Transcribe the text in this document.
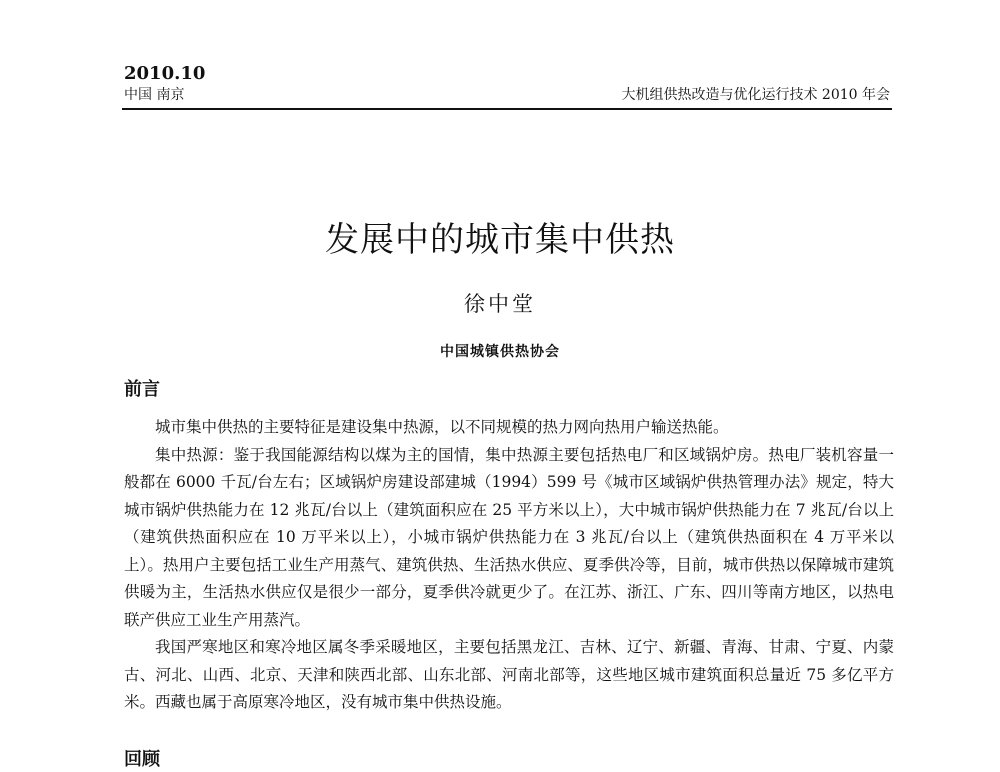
2010.10
中国 南京	大机组供热改造与优化运行技术 2010 年会
发展中的城市集中供热
徐中堂
中国城镇供热协会
前言

城市集中供热的主要特征是建设集中热源，以不同规模的热力网向热用户输送热能。

集中热源：鉴于我国能源结构以煤为主的国情，集中热源主要包括热电厂和区域锅炉房。热电厂装机容量一般都在 6000 千瓦/台左右；区域锅炉房建设部建城（1994）599 号《城市区域锅炉供热管理办法》规定，特大城市锅炉供热能力在 12 兆瓦/台以上（建筑面积应在 25 平方米以上），大中城市锅炉供热能力在 7 兆瓦/台以上（建筑供热面积应在 10 万平米以上），小城市锅炉供热能力在 3 兆瓦/台以上（建筑供热面积在 4 万平米以上）。热用户主要包括工业生产用蒸气、建筑供热、生活热水供应、夏季供冷等，目前，城市供热以保障城市建筑供暖为主，生活热水供应仅是很少一部分，夏季供冷就更少了。在江苏、浙江、广东、四川等南方地区，以热电联产供应工业生产用蒸汽。

我国严寒地区和寒冷地区属冬季采暖地区，主要包括黑龙江、吉林、辽宁、新疆、青海、甘肃、宁夏、内蒙古、河北、山西、北京、天津和陕西北部、山东北部、河南北部等，这些地区城市建筑面积总量近 75 多亿平方米。西藏也属于高原寒冷地区，没有城市集中供热设施。

回顾
